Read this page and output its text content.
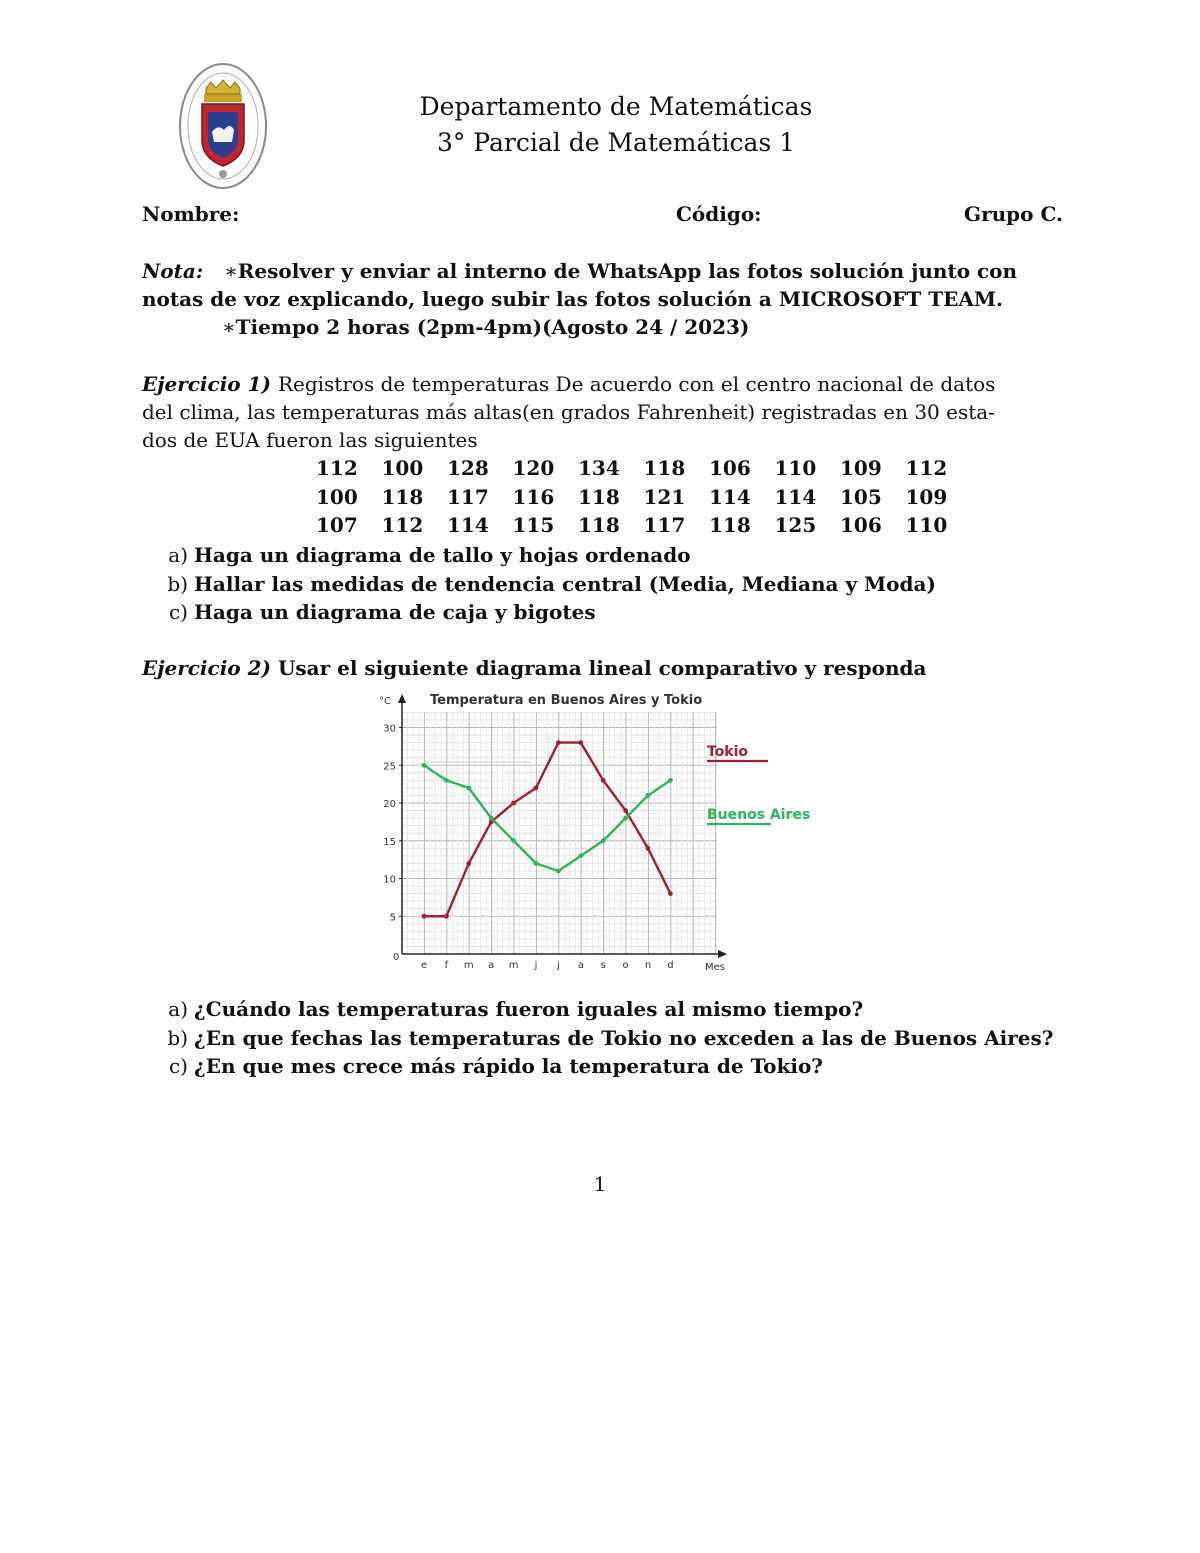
Departamento de Matemáticas
3° Parcial de Matemáticas 1
Nombre:	Código:	Grupo C.
Nota: ∗Resolver y enviar al interno de WhatsApp las fotos solución junto con
notas de voz explicando, luego subir las fotos solución a MICROSOFT TEAM.
∗Tiempo 2 horas (2pm-4pm)(Agosto 24 / 2023)
Ejercicio 1) Registros de temperaturas De acuerdo con el centro nacional de datos
del clima, las temperaturas más altas(en grados Fahrenheit) registradas en 30 esta-
dos de EUA fueron las siguientes
112	100	128	120	134	118	106	110	109	112
100	118	117	116	118	121	114	114	105	109
107	112	114	115	118	117	118	125	106	110
a) Haga un diagrama de tallo y hojas ordenado
b) Hallar las medidas de tendencia central (Media, Mediana y Moda)
c) Haga un diagrama de caja y bigotes
Ejercicio 2) Usar el siguiente diagrama lineal comparativo y responda
Temperatura en Buenos Aires y Tokio
°C
Mes
0
5
10
15
20
25
30
e f m a m j j a s o n d
Tokio
Buenos Aires
a) ¿Cuándo las temperaturas fueron iguales al mismo tiempo?
b) ¿En que fechas las temperaturas de Tokio no exceden a las de Buenos Aires?
c) ¿En que mes crece más rápido la temperatura de Tokio?
1
